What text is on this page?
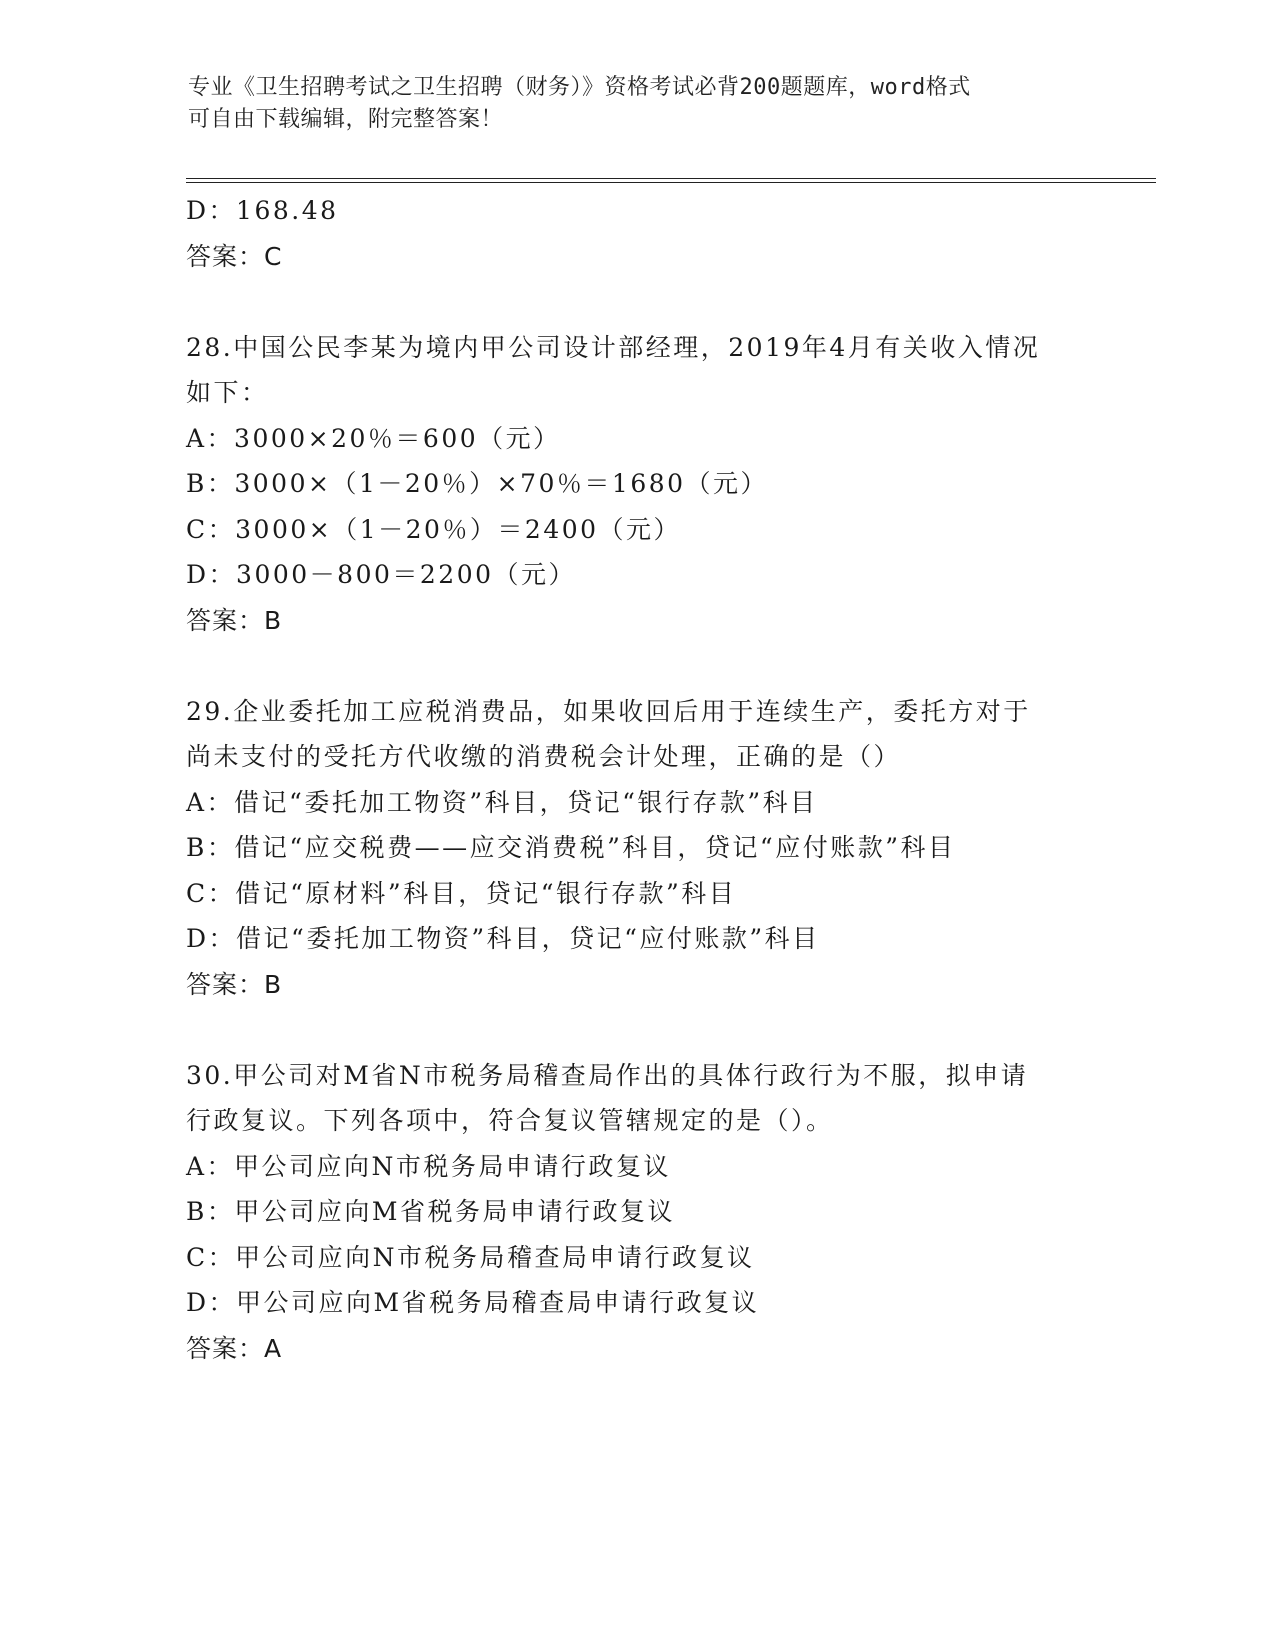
专业《卫生招聘考试之卫生招聘（财务）》资格考试必背200题题库，word格式
可自由下载编辑，附完整答案！
D：168.48
答案：C
28.中国公民李某为境内甲公司设计部经理，2019年4月有关收入情况
如下：
A：3000×20％＝600（元）
B：3000×（1－20％）×70％＝1680（元）
C：3000×（1－20％）＝2400（元）
D：3000－800＝2200（元）
答案：B
29.企业委托加工应税消费品，如果收回后用于连续生产，委托方对于
尚未支付的受托方代收缴的消费税会计处理，正确的是（）
A：借记“委托加工物资”科目，贷记“银行存款”科目
B：借记“应交税费——应交消费税”科目，贷记“应付账款”科目
C：借记“原材料”科目，贷记“银行存款”科目
D：借记“委托加工物资”科目，贷记“应付账款”科目
答案：B
30.甲公司对M省N市税务局稽查局作出的具体行政行为不服，拟申请
行政复议。下列各项中，符合复议管辖规定的是（）。
A：甲公司应向N市税务局申请行政复议
B：甲公司应向M省税务局申请行政复议
C：甲公司应向N市税务局稽查局申请行政复议
D：甲公司应向M省税务局稽查局申请行政复议
答案：A
